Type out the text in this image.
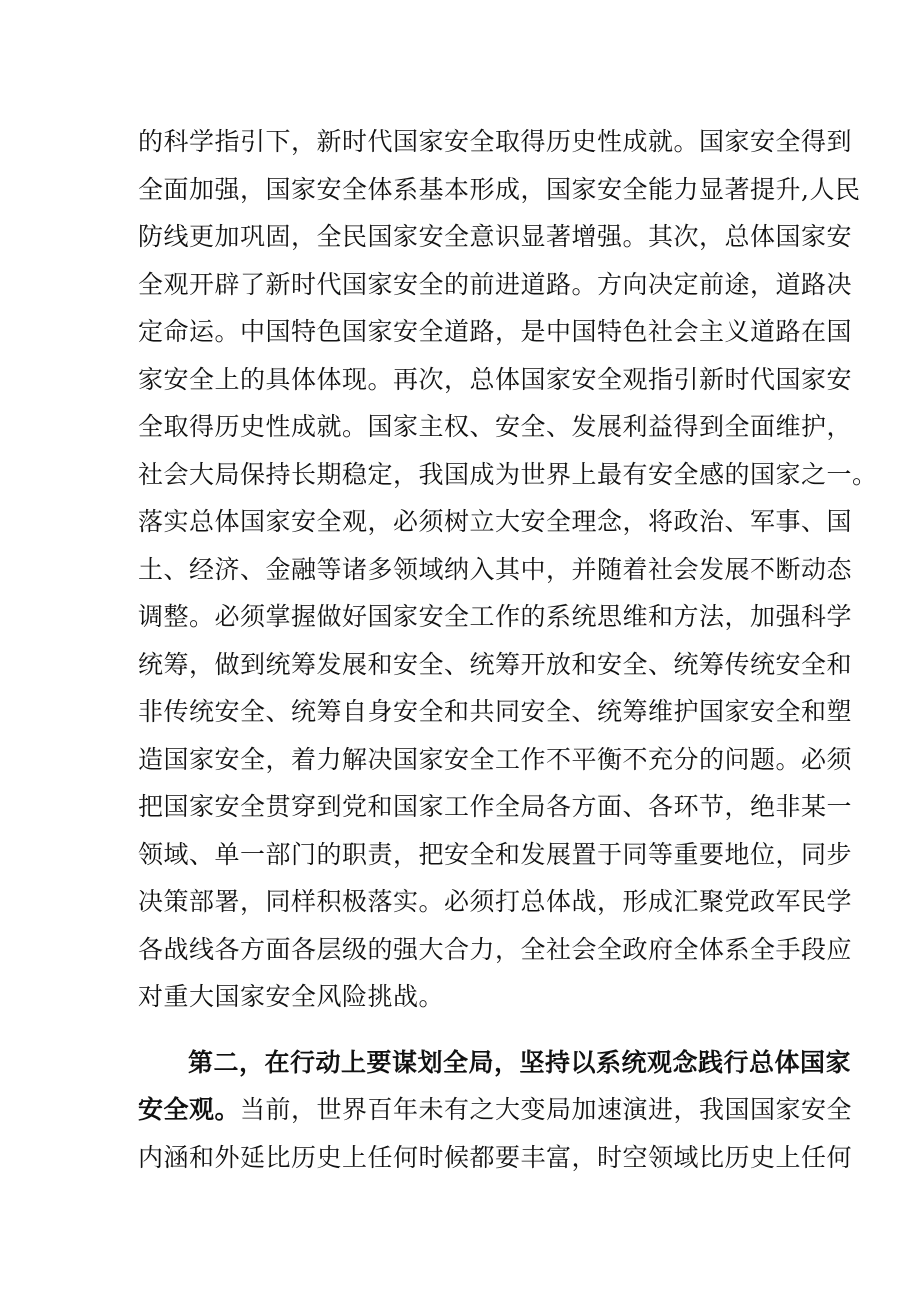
的科学指引下，新时代国家安全取得历史性成就。国家安全得到
全面加强，国家安全体系基本形成，国家安全能力显著提升,人民
防线更加巩固，全民国家安全意识显著增强。其次，总体国家安
全观开辟了新时代国家安全的前进道路。方向决定前途，道路决
定命运。中国特色国家安全道路，是中国特色社会主义道路在国
家安全上的具体体现。再次，总体国家安全观指引新时代国家安
全取得历史性成就。国家主权、安全、发展利益得到全面维护，
社会大局保持长期稳定，我国成为世界上最有安全感的国家之一。
落实总体国家安全观，必须树立大安全理念，将政治、军事、国
土、经济、金融等诸多领域纳入其中，并随着社会发展不断动态
调整。必须掌握做好国家安全工作的系统思维和方法，加强科学
统筹，做到统筹发展和安全、统筹开放和安全、统筹传统安全和
非传统安全、统筹自身安全和共同安全、统筹维护国家安全和塑
造国家安全，着力解决国家安全工作不平衡不充分的问题。必须
把国家安全贯穿到党和国家工作全局各方面、各环节，绝非某一
领域、单一部门的职责，把安全和发展置于同等重要地位，同步
决策部署，同样积极落实。必须打总体战，形成汇聚党政军民学
各战线各方面各层级的强大合力，全社会全政府全体系全手段应
对重大国家安全风险挑战。
第二，在行动上要谋划全局，坚持以系统观念践行总体国家
安全观。当前，世界百年未有之大变局加速演进，我国国家安全
内涵和外延比历史上任何时候都要丰富，时空领域比历史上任何
